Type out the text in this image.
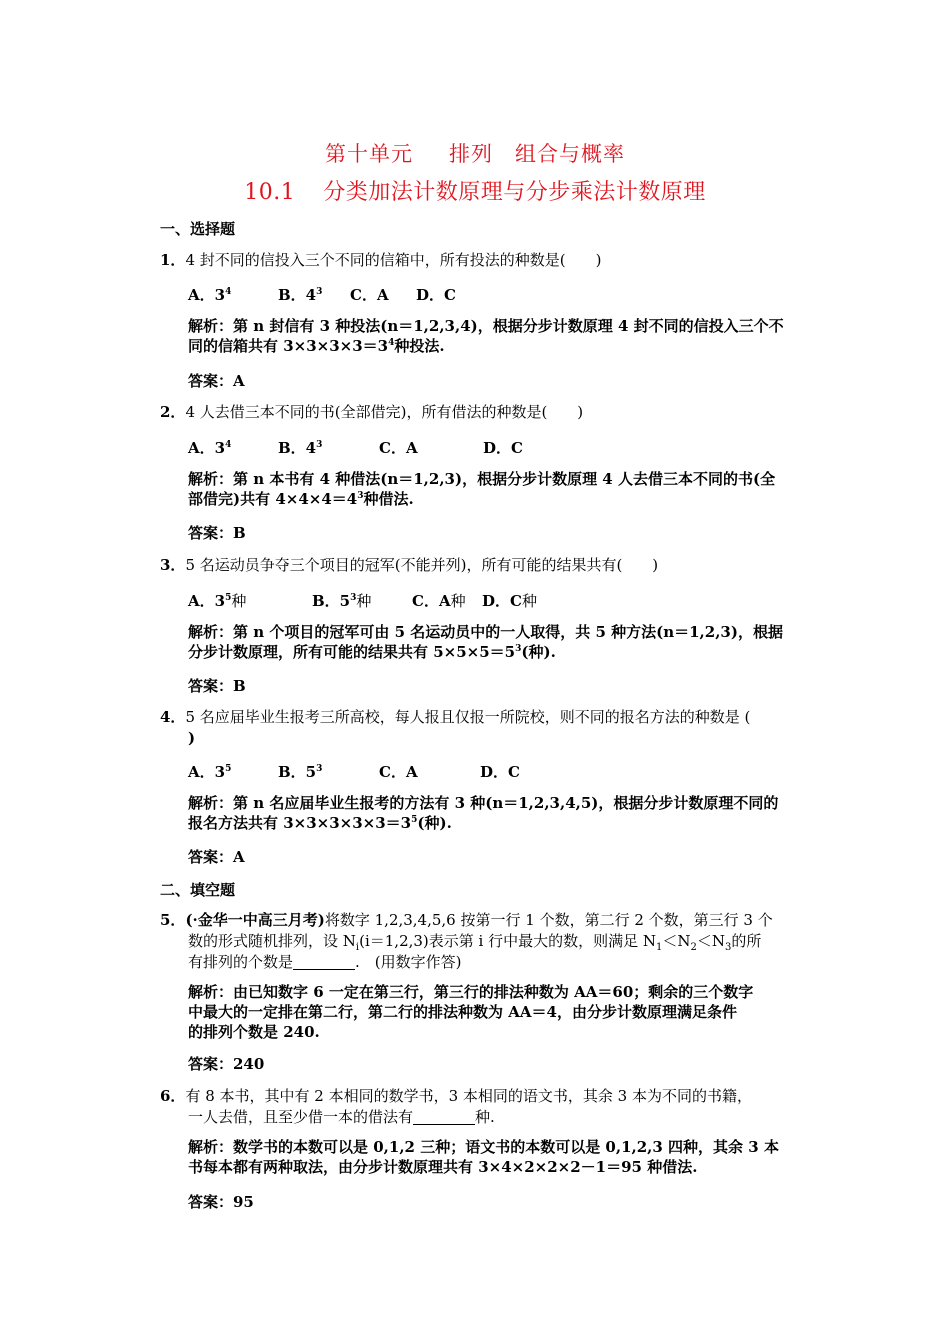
第十单元 排列 组合与概率
10.1 分类加法计数原理与分步乘法计数原理
一、选择题
1．4 封不同的信投入三个不同的信箱中，所有投法的种数是(　　)
A．$3^4$	B．$4^3$ C．A D．C
解析：第 n 封信有 3 种投法(n＝1,2,3,4)，根据分步计数原理 4 封不同的信投入三个不
同的信箱共有 $3\times 3\times 3\times 3=3^4$种投法.
答案：A
2．4 人去借三本不同的书(全部借完)，所有借法的种数是(　　)
A．$3^4$	B．$4^3$	C．A	D．C
解析：第 n 本书有 4 种借法(n＝1,2,3)，根据分步计数原理 4 人去借三本不同的书(全
部借完)共有 $4\times 4\times 4=4^3$种借法.
答案：B
3．5 名运动员争夺三个项目的冠军(不能并列)，所有可能的结果共有(　　)
A．$3^5$种	B．$5^3$种	C．A种 D．C种
解析：第 n 个项目的冠军可由 5 名运动员中的一人取得，共 5 种方法(n＝1,2,3)，根据
分步计数原理，所有可能的结果共有 $5\times 5\times 5=5^3$(种).
答案：B
4．5 名应届毕业生报考三所高校，每人报且仅报一所院校，则不同的报名方法的种数是 (
)
A．$3^5$	B．$5^3$	C．A	D．C
解析：第 n 名应届毕业生报考的方法有 3 种(n＝1,2,3,4,5)，根据分步计数原理不同的
报名方法共有 $3\times 3\times 3\times 3\times 3=3^5$(种).
答案：A
二、填空题
5．(·金华一中高三月考)将数字 1,2,3,4,5,6 按第一行 1 个数，第二行 2 个数，第三行 3 个
数的形式随机排列，设 $N_i(i=1,2,3)$表示第 i 行中最大的数，则满足 $N_1<N_2<N_3$的所
有排列的个数是	.　(用数字作答)
解析：由已知数字 6 一定在第三行，第三行的排法种数为 AA＝60；剩余的三个数字
中最大的一定排在第二行，第二行的排法种数为 AA＝4，由分步计数原理满足条件
的排列个数是 240.
答案：240
6．有 8 本书，其中有 2 本相同的数学书，3 本相同的语文书，其余 3 本为不同的书籍，
一人去借，且至少借一本的借法有	种.
解析：数学书的本数可以是 0,1,2 三种；语文书的本数可以是 0,1,2,3 四种，其余 3 本
书每本都有两种取法，由分步计数原理共有 3×4×2×2×2－1＝95 种借法.
答案：95
